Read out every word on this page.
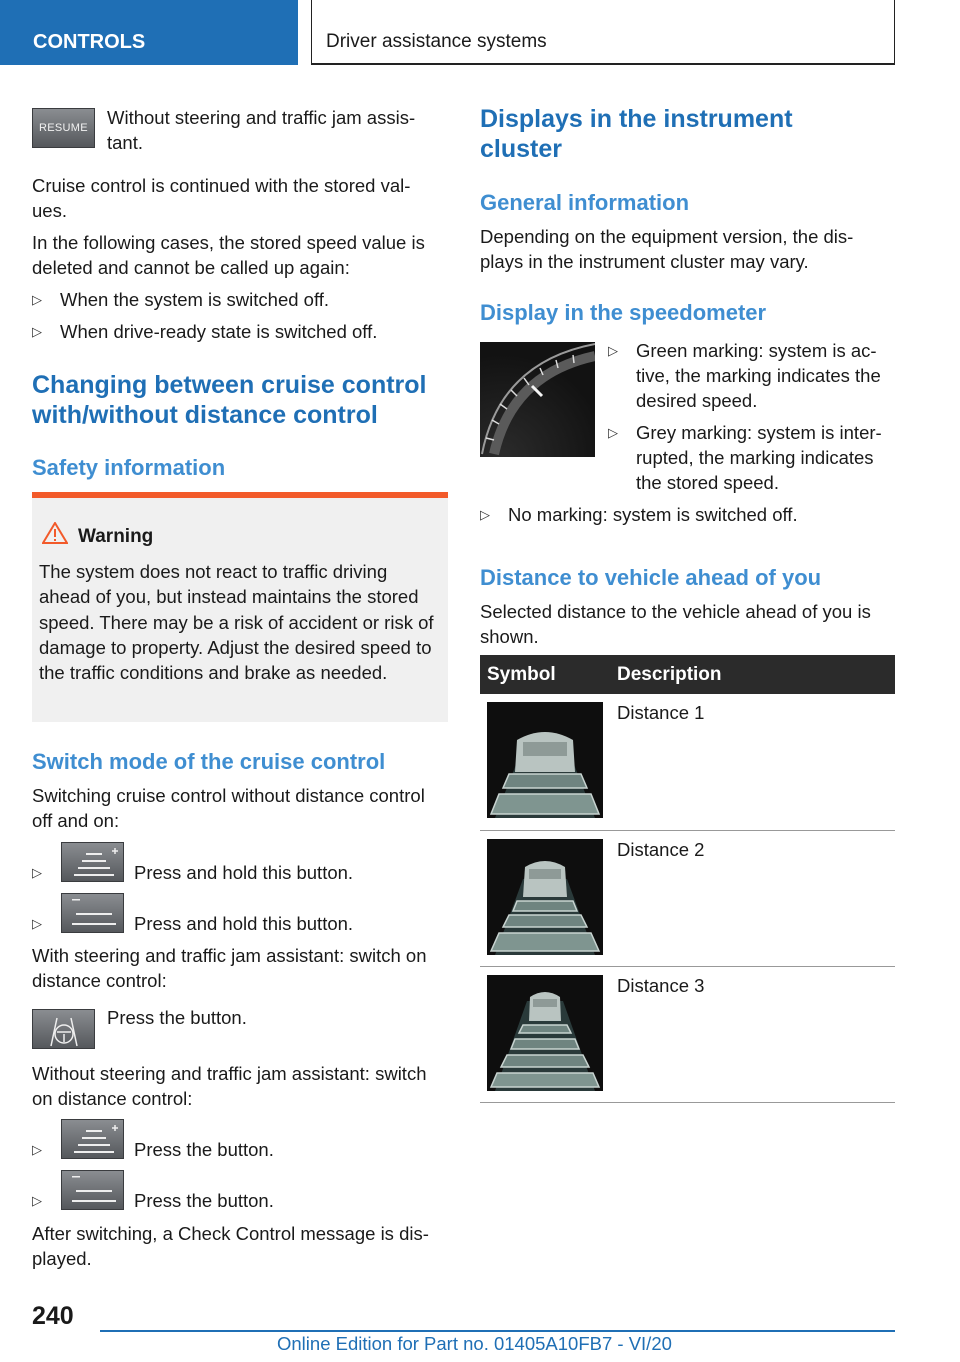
CONTROLS	Driver assistance systems
RESUME Without steering and traffic jam assis-
tant.

Cruise control is continued with the stored val-
ues.

In the following cases, the stored speed value is
deleted and cannot be called up again:

▷ When the system is switched off.
▷ When drive-ready state is switched off.
Changing between cruise control
with/without distance control
Safety information
Warning
The system does not react to traffic driving ahead of you, but instead maintains the stored speed. There may be a risk of accident or risk of damage to property. Adjust the desired speed to the traffic conditions and brake as needed.
Switch mode of the cruise control

Switching cruise control without distance control
off and on:

▷	Press and hold this button.

▷	Press and hold this button.

With steering and traffic jam assistant: switch on
distance control:

Press the button.

Without steering and traffic jam assistant: switch
on distance control:

▷	Press the button.

▷	Press the button.

After switching, a Check Control message is dis-
played.

Displays in the instrument
cluster
General information

Depending on the equipment version, the dis-
plays in the instrument cluster may vary.

Display in the speedometer
▷ Green marking: system is ac-
tive, the marking indicates the
desired speed.
▷ Grey marking: system is inter-
rupted, the marking indicates
the stored speed.
▷ No marking: system is switched off.
Distance to vehicle ahead of you

Selected distance to the vehicle ahead of you is
shown.

Symbol	Description

	Distance 1

	Distance 2

	Distance 3
240
Online Edition for Part no. 01405A10FB7 - VI/20
